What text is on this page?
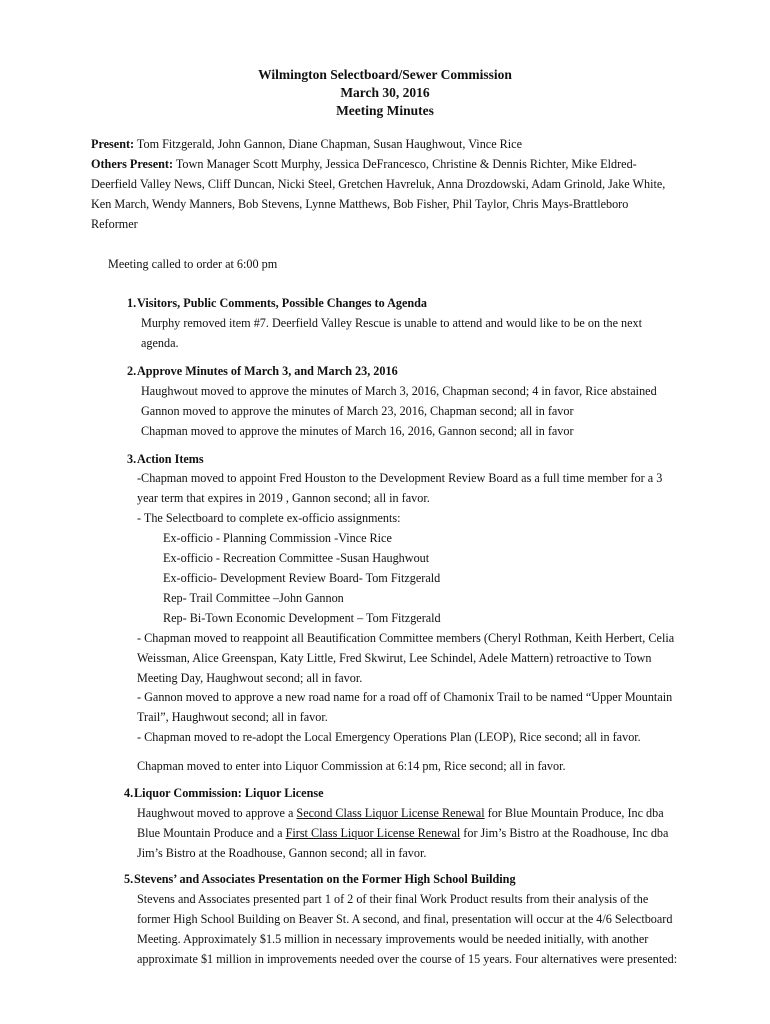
Wilmington Selectboard/Sewer Commission
March 30, 2016
Meeting Minutes
Present: Tom Fitzgerald, John Gannon, Diane Chapman, Susan Haughwout, Vince Rice
Others Present: Town Manager Scott Murphy, Jessica DeFrancesco, Christine & Dennis Richter, Mike Eldred-
Deerfield Valley News, Cliff Duncan, Nicki Steel, Gretchen Havreluk, Anna Drozdowski, Adam Grinold, Jake White,
Ken March, Wendy Manners, Bob Stevens, Lynne Matthews, Bob Fisher, Phil Taylor, Chris Mays-Brattleboro
Reformer
Meeting called to order at 6:00 pm
1.Visitors, Public Comments, Possible Changes to Agenda
Murphy removed item #7. Deerfield Valley Rescue is unable to attend and would like to be on the next
agenda.
2.Approve Minutes of March 3, and March 23, 2016
Haughwout moved to approve the minutes of March 3, 2016, Chapman second; 4 in favor, Rice abstained
Gannon moved to approve the minutes of March 23, 2016, Chapman second; all in favor
Chapman moved to approve the minutes of March 16, 2016, Gannon second; all in favor
3.Action Items
-Chapman moved to appoint Fred Houston to the Development Review Board as a full time member for a 3
year term that expires in 2019 , Gannon second; all in favor.
- The Selectboard to complete ex-officio assignments:
Ex-officio - Planning Commission -Vince Rice
Ex-officio - Recreation Committee -Susan Haughwout
Ex-officio- Development Review Board- Tom Fitzgerald
Rep- Trail Committee –John Gannon
Rep- Bi-Town Economic Development – Tom Fitzgerald
- Chapman moved to reappoint all Beautification Committee members (Cheryl Rothman, Keith Herbert, Celia
Weissman, Alice Greenspan, Katy Little, Fred Skwirut, Lee Schindel, Adele Mattern) retroactive to Town
Meeting Day, Haughwout second; all in favor.
- Gannon moved to approve a new road name for a road off of Chamonix Trail to be named “Upper Mountain
Trail”, Haughwout second; all in favor.
- Chapman moved to re-adopt the Local Emergency Operations Plan (LEOP), Rice second; all in favor.
Chapman moved to enter into Liquor Commission at 6:14 pm, Rice second; all in favor.
4.Liquor Commission: Liquor License
Haughwout moved to approve a Second Class Liquor License Renewal for Blue Mountain Produce, Inc dba
Blue Mountain Produce and a First Class Liquor License Renewal for Jim’s Bistro at the Roadhouse, Inc dba
Jim’s Bistro at the Roadhouse, Gannon second; all in favor.
5.Stevens’ and Associates Presentation on the Former High School Building
Stevens and Associates presented part 1 of 2 of their final Work Product results from their analysis of the
former High School Building on Beaver St. A second, and final, presentation will occur at the 4/6 Selectboard
Meeting. Approximately $1.5 million in necessary improvements would be needed initially, with another
approximate $1 million in improvements needed over the course of 15 years. Four alternatives were presented:
